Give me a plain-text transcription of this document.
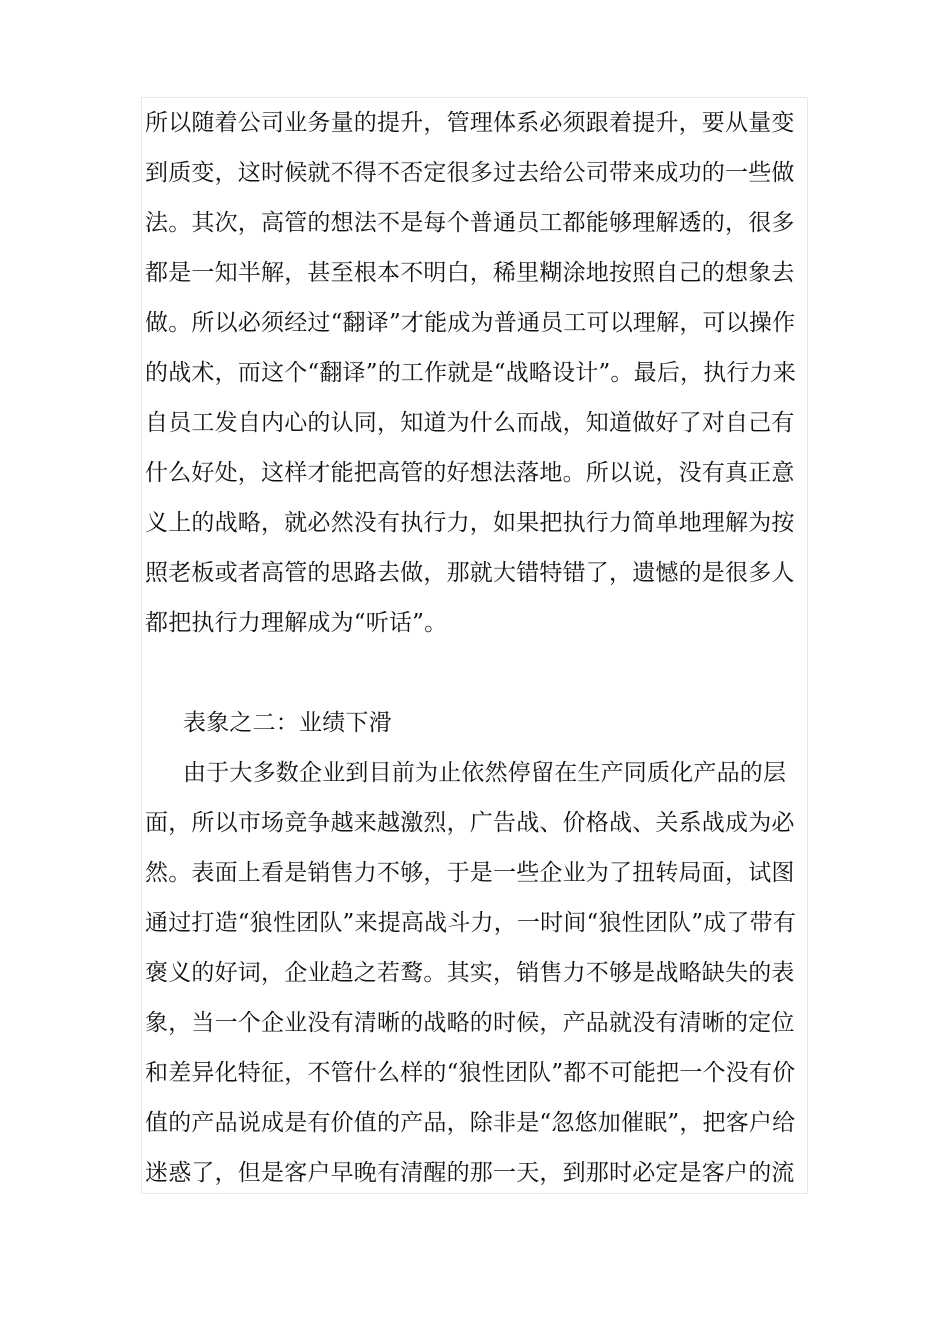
所以随着公司业务量的提升，管理体系必须跟着提升，要从量变
到质变，这时候就不得不否定很多过去给公司带来成功的一些做
法。其次，高管的想法不是每个普通员工都能够理解透的，很多
都是一知半解，甚至根本不明白，稀里糊涂地按照自己的想象去
做。所以必须经过“翻译”才能成为普通员工可以理解，可以操作
的战术，而这个“翻译”的工作就是“战略设计”。最后，执行力来
自员工发自内心的认同，知道为什么而战，知道做好了对自己有
什么好处，这样才能把高管的好想法落地。所以说，没有真正意
义上的战略，就必然没有执行力，如果把执行力简单地理解为按
照老板或者高管的思路去做，那就大错特错了，遗憾的是很多人
都把执行力理解成为“听话”。
表象之二：业绩下滑
由于大多数企业到目前为止依然停留在生产同质化产品的层
面，所以市场竞争越来越激烈，广告战、价格战、关系战成为必
然。表面上看是销售力不够，于是一些企业为了扭转局面，试图
通过打造“狼性团队”来提高战斗力，一时间“狼性团队”成了带有
褒义的好词，企业趋之若鹜。其实，销售力不够是战略缺失的表
象，当一个企业没有清晰的战略的时候，产品就没有清晰的定位
和差异化特征，不管什么样的“狼性团队”都不可能把一个没有价
值的产品说成是有价值的产品，除非是“忽悠加催眠”，把客户给
迷惑了，但是客户早晚有清醒的那一天，到那时必定是客户的流
